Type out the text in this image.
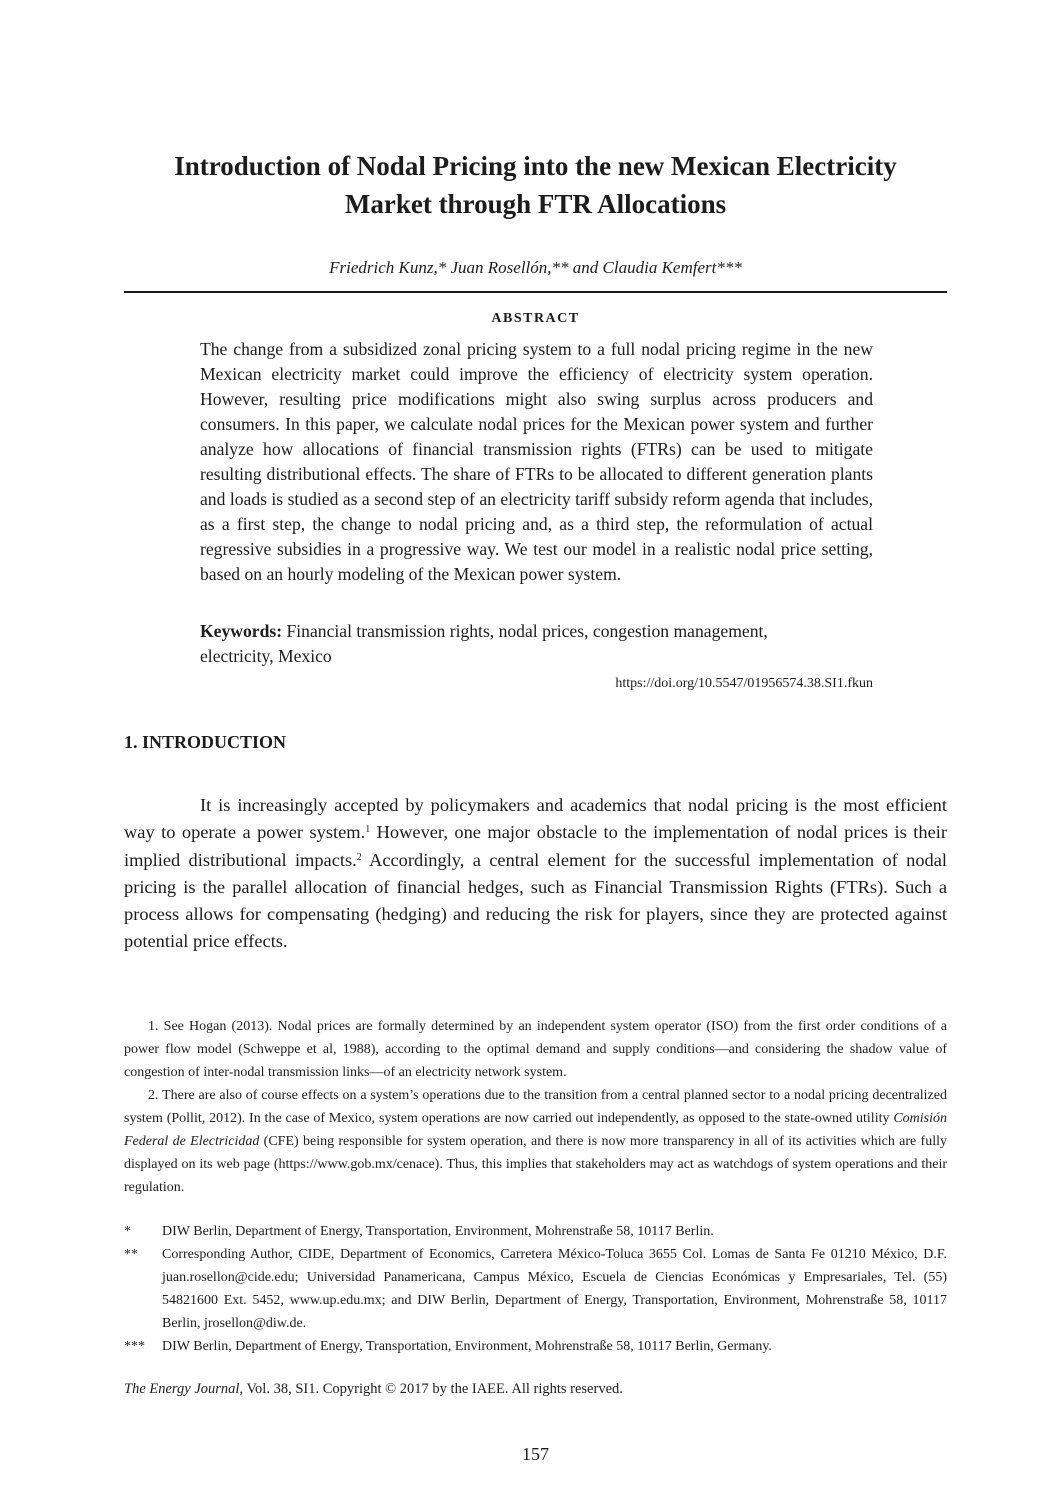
Introduction of Nodal Pricing into the new Mexican Electricity
Market through FTR Allocations

Friedrich Kunz,* Juan Rosellón,** and Claudia Kemfert***

ABSTRACT

The change from a subsidized zonal pricing system to a full nodal pricing regime in the new Mexican electricity market could improve the efficiency of electricity system operation. However, resulting price modifications might also swing surplus across producers and consumers. In this paper, we calculate nodal prices for the Mexican power system and further analyze how allocations of financial transmission rights (FTRs) can be used to mitigate resulting distributional effects. The share of FTRs to be allocated to different generation plants and loads is studied as a second step of an electricity tariff subsidy reform agenda that includes, as a first step, the change to nodal pricing and, as a third step, the reformulation of actual regressive subsidies in a progressive way. We test our model in a realistic nodal price setting, based on an hourly modeling of the Mexican power system.

Keywords: Financial transmission rights, nodal prices, congestion management, electricity, Mexico

https://doi.org/10.5547/01956574.38.SI1.fkun

1. INTRODUCTION

It is increasingly accepted by policymakers and academics that nodal pricing is the most efficient way to operate a power system.$^1$ However, one major obstacle to the implementation of nodal prices is their implied distributional impacts.$^2$ Accordingly, a central element for the successful implementation of nodal pricing is the parallel allocation of financial hedges, such as Financial Transmission Rights (FTRs). Such a process allows for compensating (hedging) and reducing the risk for players, since they are protected against potential price effects.

1. See Hogan (2013). Nodal prices are formally determined by an independent system operator (ISO) from the first order conditions of a power flow model (Schweppe et al, 1988), according to the optimal demand and supply conditions—and considering the shadow value of congestion of inter-nodal transmission links—of an electricity network system.

2. There are also of course effects on a system’s operations due to the transition from a central planned sector to a nodal pricing decentralized system (Pollit, 2012). In the case of Mexico, system operations are now carried out independently, as opposed to the state-owned utility Comisión Federal de Electricidad (CFE) being responsible for system operation, and there is now more transparency in all of its activities which are fully displayed on its web page (https://www.gob.mx/cenace). Thus, this implies that stakeholders may act as watchdogs of system operations and their regulation.

*	DIW Berlin, Department of Energy, Transportation, Environment, Mohrenstraße 58, 10117 Berlin.
**	Corresponding Author, CIDE, Department of Economics, Carretera México-Toluca 3655 Col. Lomas de Santa Fe 01210 México, D.F. juan.rosellon@cide.edu; Universidad Panamericana, Campus México, Escuela de Ciencias Económicas y Empresariales, Tel. (55) 54821600 Ext. 5452, www.up.edu.mx; and DIW Berlin, Department of Energy, Transportation, Environment, Mohrenstraße 58, 10117 Berlin, jrosellon@diw.de.
***	DIW Berlin, Department of Energy, Transportation, Environment, Mohrenstraße 58, 10117 Berlin, Germany.

The Energy Journal, Vol. 38, SI1. Copyright © 2017 by the IAEE. All rights reserved.

157
